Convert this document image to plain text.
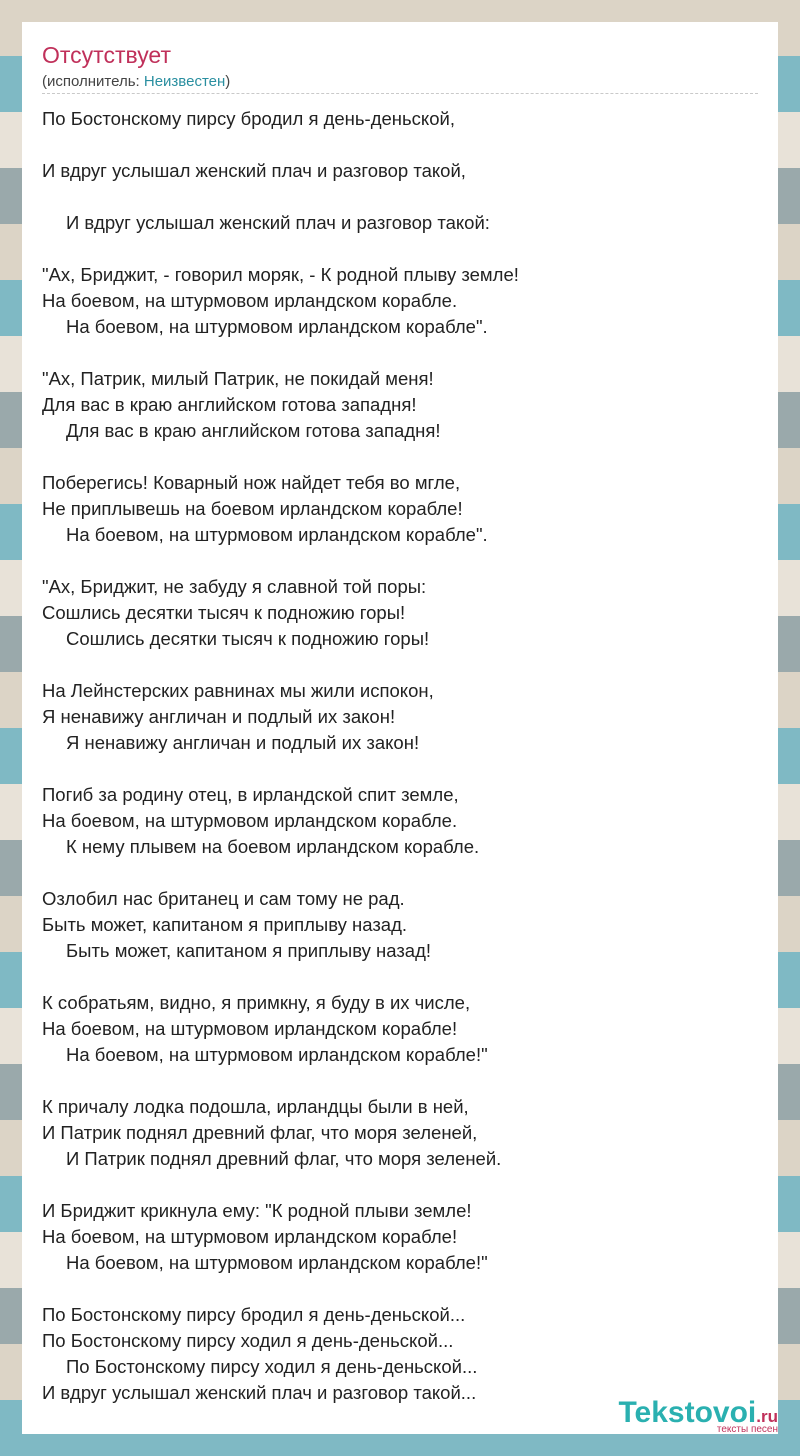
Отсутствует
(исполнитель: Неизвестен)
По Бостонскому пирсу бродил я день-деньской,
И вдруг услышал женский плач и разговор такой,
И вдруг услышал женский плач и разговор такой:
"Ах, Бриджит, - говорил моряк, - К родной плыву земле!
На боевом, на штурмовом ирландском корабле.
На боевом, на штурмовом ирландском корабле".
"Ах, Патрик, милый Патрик, не покидай меня!
Для вас в краю английском готова западня!
Для вас в краю английском готова западня!
Поберегись! Коварный нож найдет тебя во мгле,
Не приплывешь на боевом ирландском корабле!
На боевом, на штурмовом ирландском корабле".
"Ах, Бриджит, не забуду я славной той поры:
Сошлись десятки тысяч к подножию горы!
Сошлись десятки тысяч к подножию горы!
На Лейнстерских равнинах мы жили испокон,
Я ненавижу англичан и подлый их закон!
Я ненавижу англичан и подлый их закон!
Погиб за родину отец, в ирландской спит земле,
На боевом, на штурмовом ирландском корабле.
К нему плывем на боевом ирландском корабле.
Озлобил нас британец и сам тому не рад.
Быть может, капитаном я приплыву назад.
Быть может, капитаном я приплыву назад!
К собратьям, видно, я примкну, я буду в их числе,
На боевом, на штурмовом ирландском корабле!
На боевом, на штурмовом ирландском корабле!"
К причалу лодка подошла, ирландцы были в ней,
И Патрик поднял древний флаг, что моря зеленей,
И Патрик поднял древний флаг, что моря зеленей.
И Бриджит крикнула ему: "К родной плыви земле!
На боевом, на штурмовом ирландском корабле!
На боевом, на штурмовом ирландском корабле!"
По Бостонскому пирсу бродил я день-деньской...
По Бостонскому пирсу ходил я день-деньской...
По Бостонскому пирсу ходил я день-деньской...
И вдруг услышал женский плач и разговор такой...
Tekstovoi.ru
тексты песен
